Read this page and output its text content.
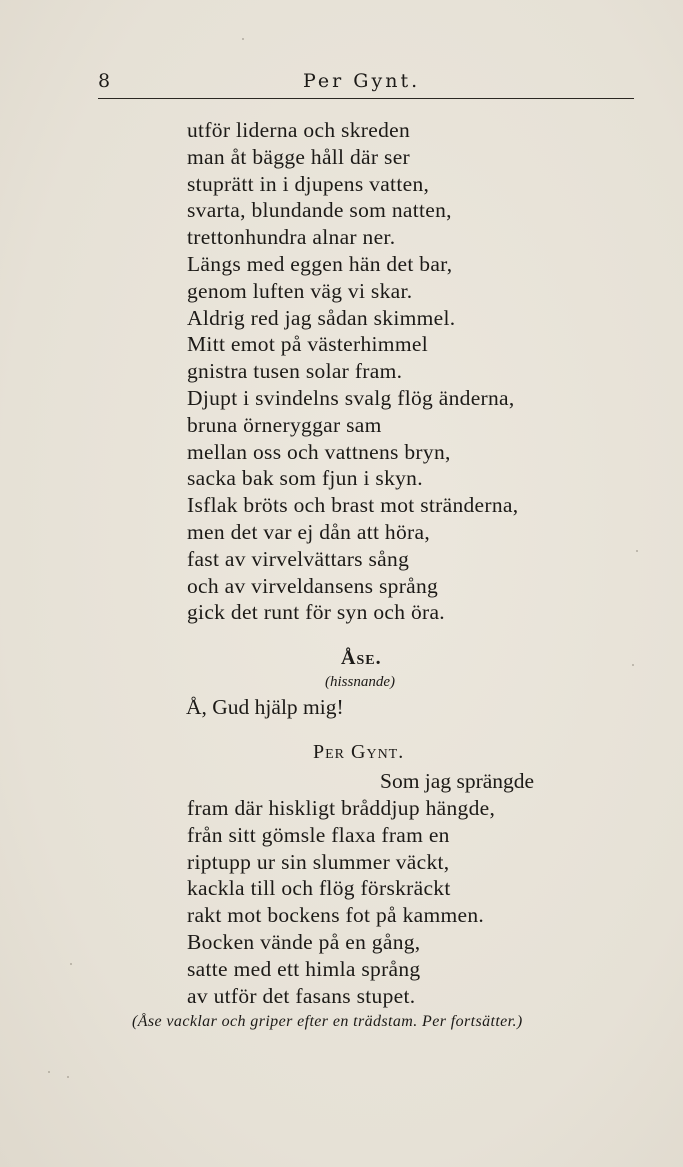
8	Per Gynt.
utför liderna och skreden
man åt bägge håll där ser
stuprätt in i djupens vatten,
svarta, blundande som natten,
trettonhundra alnar ner.
Längs med eggen hän det bar,
genom luften väg vi skar.
Aldrig red jag sådan skimmel.
Mitt emot på västerhimmel
gnistra tusen solar fram.
Djupt i svindelns svalg flög änderna,
bruna örneryggar sam
mellan oss och vattnens bryn,
sacka bak som fjun i skyn.
Isflak bröts och brast mot stränderna,
men det var ej dån att höra,
fast av virvelvättars sång
och av virveldansens språng
gick det runt för syn och öra.
Åse.
(hissnande)
Å, Gud hjälp mig!
Per Gynt.
Som jag sprängde
fram där hiskligt bråddjup hängde,
från sitt gömsle flaxa fram en
riptupp ur sin slummer väckt,
kackla till och flög förskräckt
rakt mot bockens fot på kammen.
Bocken vände på en gång,
satte med ett himla språng
av utför det fasans stupet.
(Åse vacklar och griper efter en trädstam. Per fortsätter.)
